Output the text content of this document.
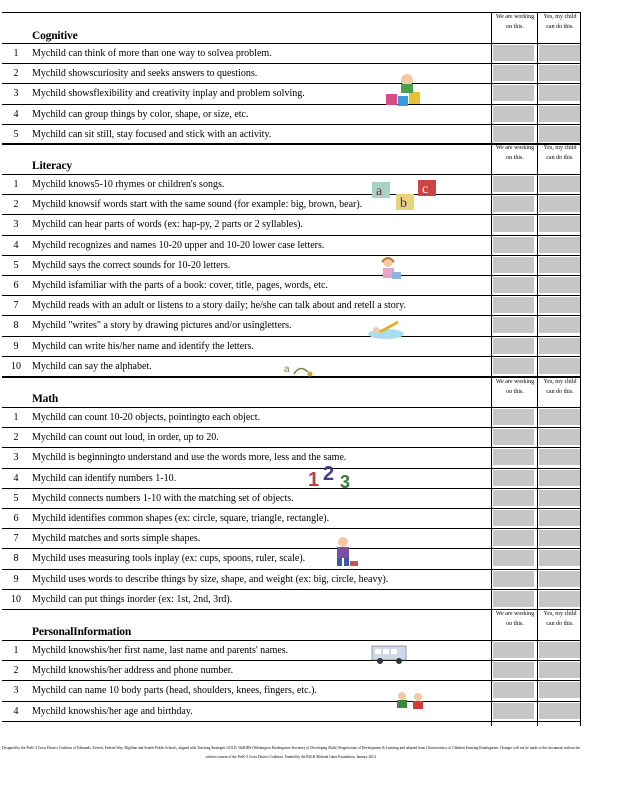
We are working on this.
Yes, my child can do this.
Cognitive
1	Mychild can think of more than one way to solvea problem.
2	Mychild showscuriosity and seeks answers to questions.
3	Mychild showsflexibility and creativity inplay and problem solving.
4	Mychild can group things by color, shape, or size, etc.
5	Mychild can sit still, stay focused and stick with an activity.
We are working on this.
Yes, my child can do this.
Literacy
1	Mychild knows5-10 rhymes or children's songs.
2	Mychild knowsif words start with the same sound (for example: big, brown, bear).
3	Mychild can hear parts of words (ex: hap-py, 2 parts or 2 syllables).
4	Mychild recognizes and names 10-20 upper and 10-20 lower case letters.
5	Mychild says the correct sounds for 10-20 letters.
6	Mychild isfamiliar with the parts of a book: cover, title, pages, words, etc.
7	Mychild reads with an adult or listens to a story daily; he/she can talk about and retell a story.
8	Mychild "writes" a story by drawing pictures and/or usingletters.
9	Mychild can write his/her name and identify the letters.
10	Mychild can say the alphabet.
We are working on this.
Yes, my child can do this.
Math
1	Mychild can count 10-20 objects, pointingto each object.
2	Mychild can count out loud, in order, up to 20.
3	Mychild is beginningto understand and use the words more, less and the same.
4	Mychild can identify numbers 1-10.
5	Mychild connects numbers 1-10 with the matching set of objects.
6	Mychild identifies common shapes (ex: circle, square, triangle, rectangle).
7	Mychild matches and sorts simple shapes.
8	Mychild uses measuring tools inplay (ex: cups, spoons, ruler, scale).
9	Mychild uses words to describe things by size, shape, and weight (ex: big, circle, heavy).
10	Mychild can put things inorder (ex: 1st, 2nd, 3rd).
We are working on this.
Yes, my child can do this.
PersonalInformation
1	Mychild knowshis/her first name, last name and parents' names.
2	Mychild knowshis/her address and phone number.
3	Mychild can name 10 body parts (head, shoulders, knees, fingers, etc.).
4	Mychild knowshis/her age and birthday.
Designed by the PreK-3 Cross District Coalition of Edmonds, Everett, Federal Way, Highline and Seattle Public Schools, aligned with Teaching Strategies GOLD, WaKIDS (Washington Kindergarten Inventory of Developing Skills) Progressions of Development & Learning and adapted from Characteristics of Children Entering Kindergarten. Changes will not be made to this document without the written consent of the PreK-3 Cross District Coalition. Funded by the Bill & Melinda Gates Foundation. January 2014.
a
b
c
a
1 2 3
